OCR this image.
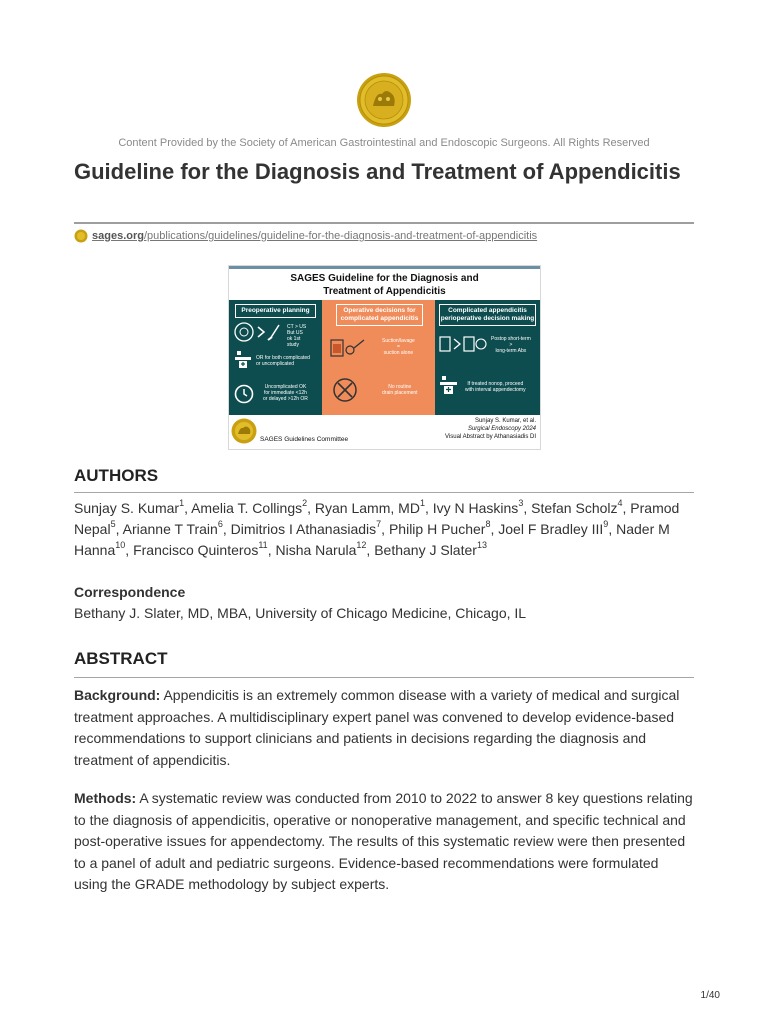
Content Provided by the Society of American Gastrointestinal and Endoscopic Surgeons. All Rights Reserved
Guideline for the Diagnosis and Treatment of Appendicitis
sages.org/publications/guidelines/guideline-for-the-diagnosis-and-treatment-of-appendicitis
SAGES Guideline for the Diagnosis and Treatment of Appendicitis
Preoperative planning
CT > US
But US
ok 1st
study
OR for both complicated
or uncomplicated
Uncomplicated OK
for immediate <12h
or delayed >12h OR
Operative decisions for complicated appendicitis
Suction/lavage
=
suction alone
No routine
drain placement
Complicated appendicitis perioperative decision making
Postop short-term
>
long-term Abx
If treated nonop, proceed
with interval appendectomy
SAGES Guidelines Committee
Sunjay S. Kumar, et al.
Surgical Endoscopy 2024
Visual Abstract by Athanasiadis DI
AUTHORS
Sunjay S. Kumar$^1$, Amelia T. Collings$^2$, Ryan Lamm, $MD^1$, Ivy N Haskins$^3$, Stefan Scholz$^4$, Pramod Nepal$^5$, Arianne T Train$^6$, Dimitrios I Athanasiadis$^7$, Philip H Pucher$^8$, Joel F Bradley III$^9$, Nader M Hanna$^{10}$, Francisco Quinteros$^{11}$, Nisha Narula$^{12}$, Bethany J Slater$^{13}$
Correspondence
Bethany J. Slater, MD, MBA, University of Chicago Medicine, Chicago, IL
ABSTRACT

Background: Appendicitis is an extremely common disease with a variety of medical and surgical treatment approaches. A multidisciplinary expert panel was convened to develop evidence-based recommendations to support clinicians and patients in decisions regarding the diagnosis and treatment of appendicitis.

Methods: A systematic review was conducted from 2010 to 2022 to answer 8 key questions relating to the diagnosis of appendicitis, operative or nonoperative management, and specific technical and post-operative issues for appendectomy. The results of this systematic review were then presented to a panel of adult and pediatric surgeons. Evidence-based recommendations were formulated using the GRADE methodology by subject experts.

1/40
